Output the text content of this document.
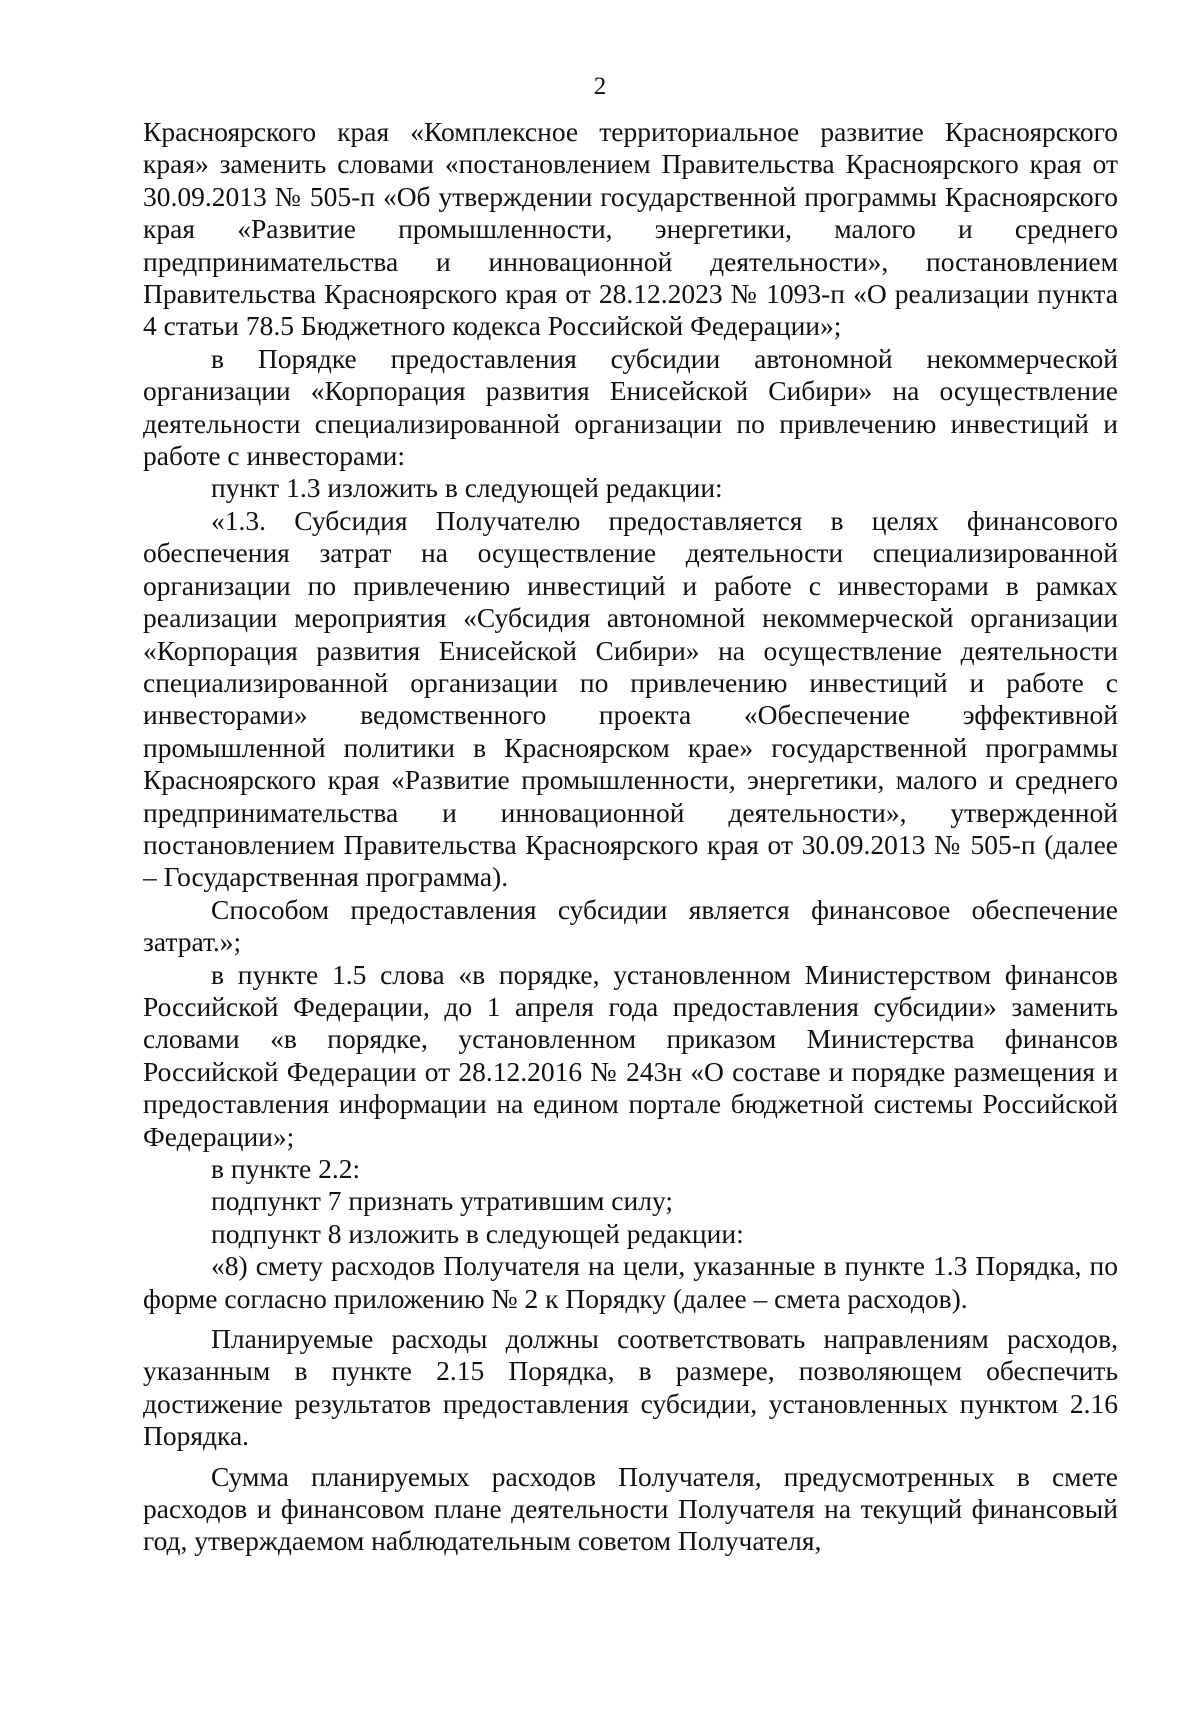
2

Красноярского края «Комплексное территориальное развитие Красноярского края» заменить словами «постановлением Правительства Красноярского края от 30.09.2013 № 505-п «Об утверждении государственной программы Красноярского края «Развитие промышленности, энергетики, малого и среднего предпринимательства и инновационной деятельности», постановлением Правительства Красноярского края от 28.12.2023 № 1093-п «О реализации пункта 4 статьи 78.5 Бюджетного кодекса Российской Федерации»;

в Порядке предоставления субсидии автономной некоммерческой организации «Корпорация развития Енисейской Сибири» на осуществление деятельности специализированной организации по привлечению инвестиций и работе с инвесторами:

пункт 1.3 изложить в следующей редакции:

«1.3. Субсидия Получателю предоставляется в целях финансового обеспечения затрат на осуществление деятельности специализированной организации по привлечению инвестиций и работе с инвесторами в рамках реализации мероприятия «Субсидия автономной некоммерческой организации «Корпорация развития Енисейской Сибири» на осуществление деятельности специализированной организации по привлечению инвестиций и работе с инвесторами» ведомственного проекта «Обеспечение эффективной промышленной политики в Красноярском крае» государственной программы Красноярского края «Развитие промышленности, энергетики, малого и среднего предпринимательства и инновационной деятельности», утвержденной постановлением Правительства Красноярского края от 30.09.2013 № 505-п (далее – Государственная программа).

Способом предоставления субсидии является финансовое обеспечение затрат.»;

в пункте 1.5 слова «в порядке, установленном Министерством финансов Российской Федерации, до 1 апреля года предоставления субсидии» заменить словами «в порядке, установленном приказом Министерства финансов Российской Федерации от 28.12.2016 № 243н «О составе и порядке размещения и предоставления информации на едином портале бюджетной системы Российской Федерации»;

в пункте 2.2:

подпункт 7 признать утратившим силу;

подпункт 8 изложить в следующей редакции:

«8) смету расходов Получателя на цели, указанные в пункте 1.3 Порядка, по форме согласно приложению № 2 к Порядку (далее – смета расходов).

Планируемые расходы должны соответствовать направлениям расходов, указанным в пункте 2.15 Порядка, в размере, позволяющем обеспечить достижение результатов предоставления субсидии, установленных пунктом 2.16 Порядка.

Сумма планируемых расходов Получателя, предусмотренных в смете расходов и финансовом плане деятельности Получателя на текущий финансовый год, утверждаемом наблюдательным советом Получателя,
